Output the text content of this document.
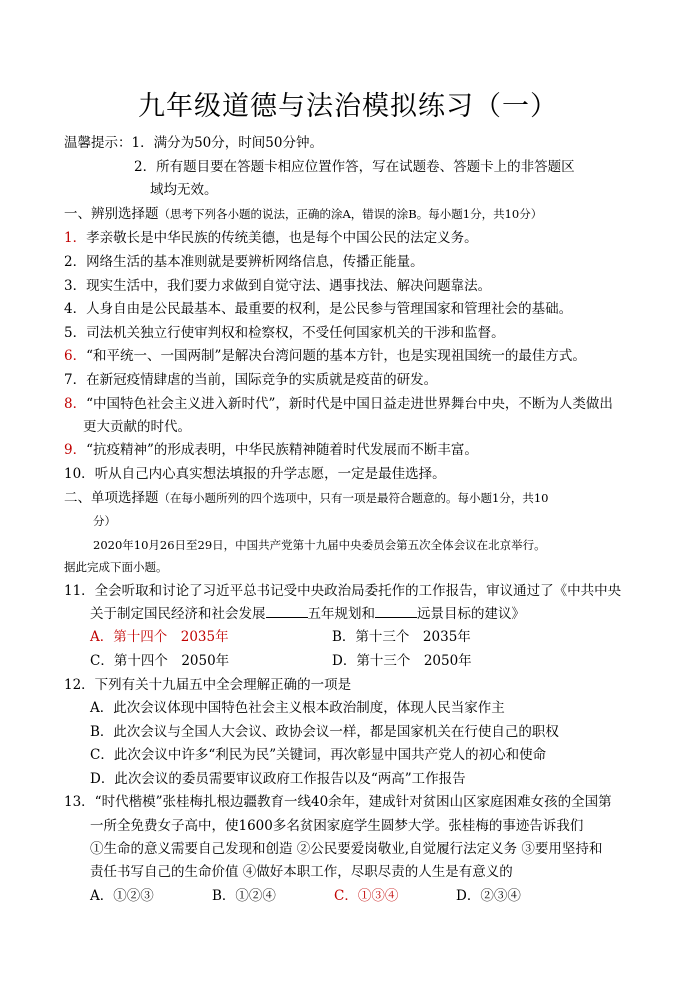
九年级道德与法治模拟练习（一）
温馨提示：1．满分为50分，时间50分钟。
2．所有题目要在答题卡相应位置作答，写在试题卷、答题卡上的非答题区
域均无效。
一、辨别选择题（思考下列各小题的说法，正确的涂A，错误的涂B。每小题1分，共10分）
1．孝亲敬长是中华民族的传统美德，也是每个中国公民的法定义务。
2．网络生活的基本准则就是要辨析网络信息，传播正能量。
3．现实生活中，我们要力求做到自觉守法、遇事找法、解决问题靠法。
4．人身自由是公民最基本、最重要的权利，是公民参与管理国家和管理社会的基础。
5．司法机关独立行使审判权和检察权，不受任何国家机关的干涉和监督。
6．“和平统一、一国两制”是解决台湾问题的基本方针，也是实现祖国统一的最佳方式。
7．在新冠疫情肆虐的当前，国际竞争的实质就是疫苗的研发。
8．“中国特色社会主义进入新时代”，新时代是中国日益走进世界舞台中央，不断为人类做出
更大贡献的时代。
9．“抗疫精神”的形成表明，中华民族精神随着时代发展而不断丰富。
10．听从自己内心真实想法填报的升学志愿，一定是最佳选择。
二、单项选择题（在每小题所列的四个选项中，只有一项是最符合题意的。每小题1分，共10
分）
2020年10月26日至29日，中国共产党第十九届中央委员会第五次全体会议在北京举行。
据此完成下面小题。
11．全会听取和讨论了习近平总书记受中央政治局委托作的工作报告，审议通过了《中共中央
关于制定国民经济和社会发展	五年规划和	远景目标的建议》
A．第十四个　2035年	B．第十三个　2035年
C．第十四个　2050年	D．第十三个　2050年
12．下列有关十九届五中全会理解正确的一项是
A．此次会议体现中国特色社会主义根本政治制度，体现人民当家作主
B．此次会议与全国人大会议、政协会议一样，都是国家机关在行使自己的职权
C．此次会议中许多“利民为民”关键词，再次彰显中国共产党人的初心和使命
D．此次会议的委员需要审议政府工作报告以及“两高”工作报告
13．“时代楷模”张桂梅扎根边疆教育一线40余年，建成针对贫困山区家庭困难女孩的全国第
一所全免费女子高中，使1600多名贫困家庭学生圆梦大学。张桂梅的事迹告诉我们
①生命的意义需要自己发现和创造 ②公民要爱岗敬业,自觉履行法定义务 ③要用坚持和
责任书写自己的生命价值 ④做好本职工作，尽职尽责的人生是有意义的
A．①②③	B．①②④	C．①③④	D．②③④
